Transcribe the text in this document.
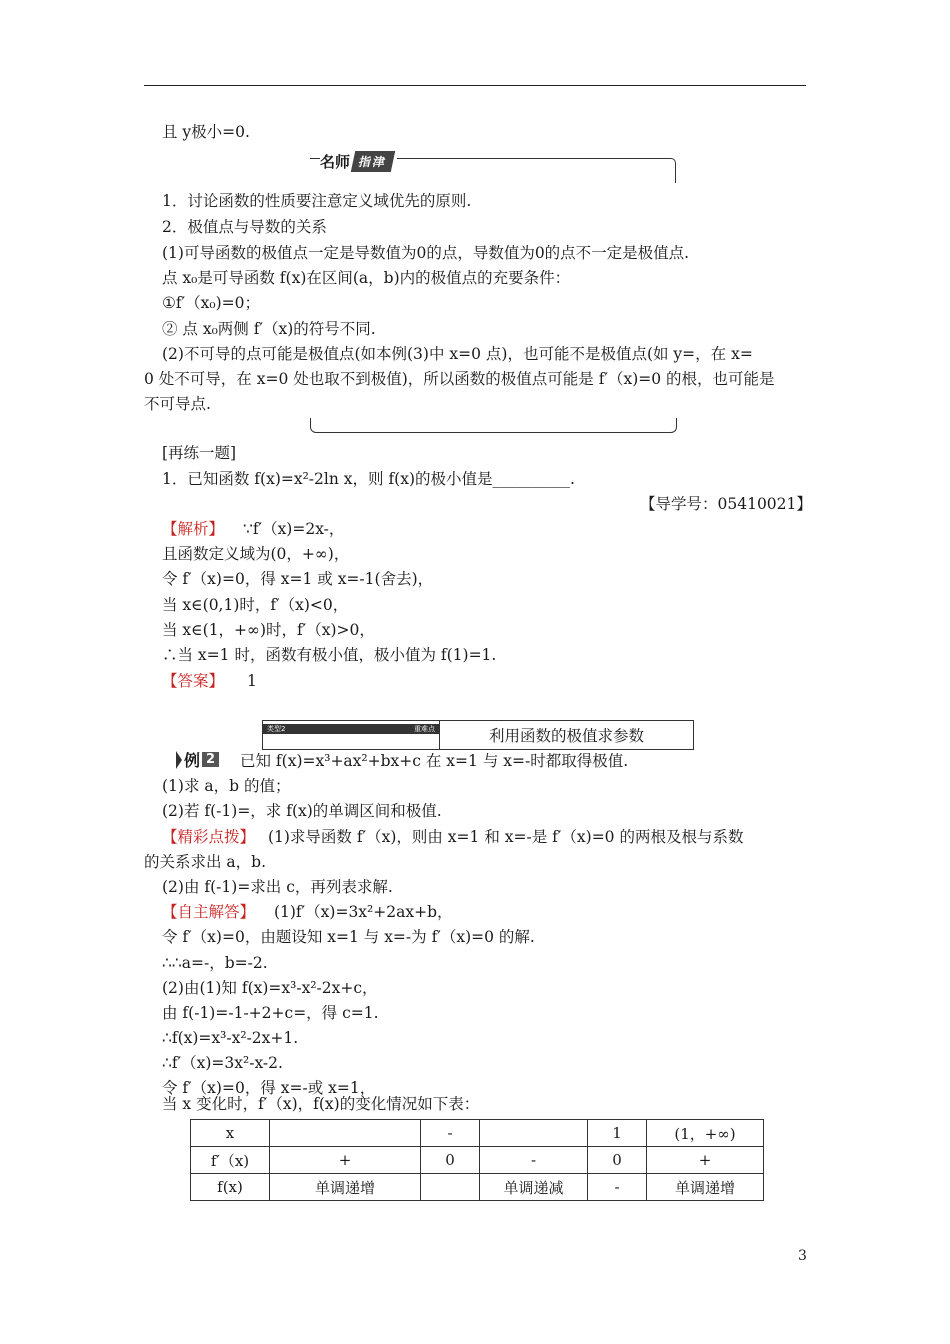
且 y极小=0.
名师 指津
1．讨论函数的性质要注意定义域优先的原则.
2．极值点与导数的关系
(1)可导函数的极值点一定是导数值为0的点，导数值为0的点不一定是极值点.
点 x₀是可导函数 f(x)在区间(a，b)内的极值点的充要条件：
①f′（x₀)=0；
② 点 x₀两侧 f′（x)的符号不同.
(2)不可导的点可能是极值点(如本例(3)中 x=0 点)，也可能不是极值点(如 y=，在 x=
0 处不可导，在 x=0 处也取不到极值)，所以函数的极值点可能是 f′（x)=0 的根，也可能是
不可导点.
[再练一题]
1．已知函数 f(x)=x²-2ln x，则 f(x)的极小值是__________.
【导学号：05410021】
【解析】 ∵f′（x)=2x-，
且函数定义域为(0，+∞)，
令 f′（x)=0，得 x=1 或 x=-1(舍去)，
当 x∈(0,1)时，f′（x)<0，
当 x∈(1，+∞)时，f′（x)>0，
∴当 x=1 时，函数有极小值，极小值为 f(1)=1.
【答案】 1
类型2	重难点	利用函数的极值求参数
例 2 已知 f(x)=x³+ax²+bx+c 在 x=1 与 x=-时都取得极值.
(1)求 a，b 的值；
(2)若 f(-1)=，求 f(x)的单调区间和极值.
【精彩点拨】 (1)求导函数 f′（x)，则由 x=1 和 x=-是 f′（x)=0 的两根及根与系数
的关系求出 a，b.
(2)由 f(-1)=求出 c，再列表求解.
【自主解答】 (1)f′（x)=3x²+2ax+b，
令 f′（x)=0，由题设知 x=1 与 x=-为 f′（x)=0 的解.
∴∴a=-，b=-2.
(2)由(1)知 f(x)=x³-x²-2x+c，
由 f(-1)=-1-+2+c=，得 c=1.
∴f(x)=x³-x²-2x+1.
∴f′（x)=3x²-x-2.
令 f′（x)=0，得 x=-或 x=1，
当 x 变化时，f′（x)，f(x)的变化情况如下表：
x		-		1	(1，+∞)
f′（x)	+	0	-	0	+
f(x)	单调递增		单调递减	-	单调递增
3
